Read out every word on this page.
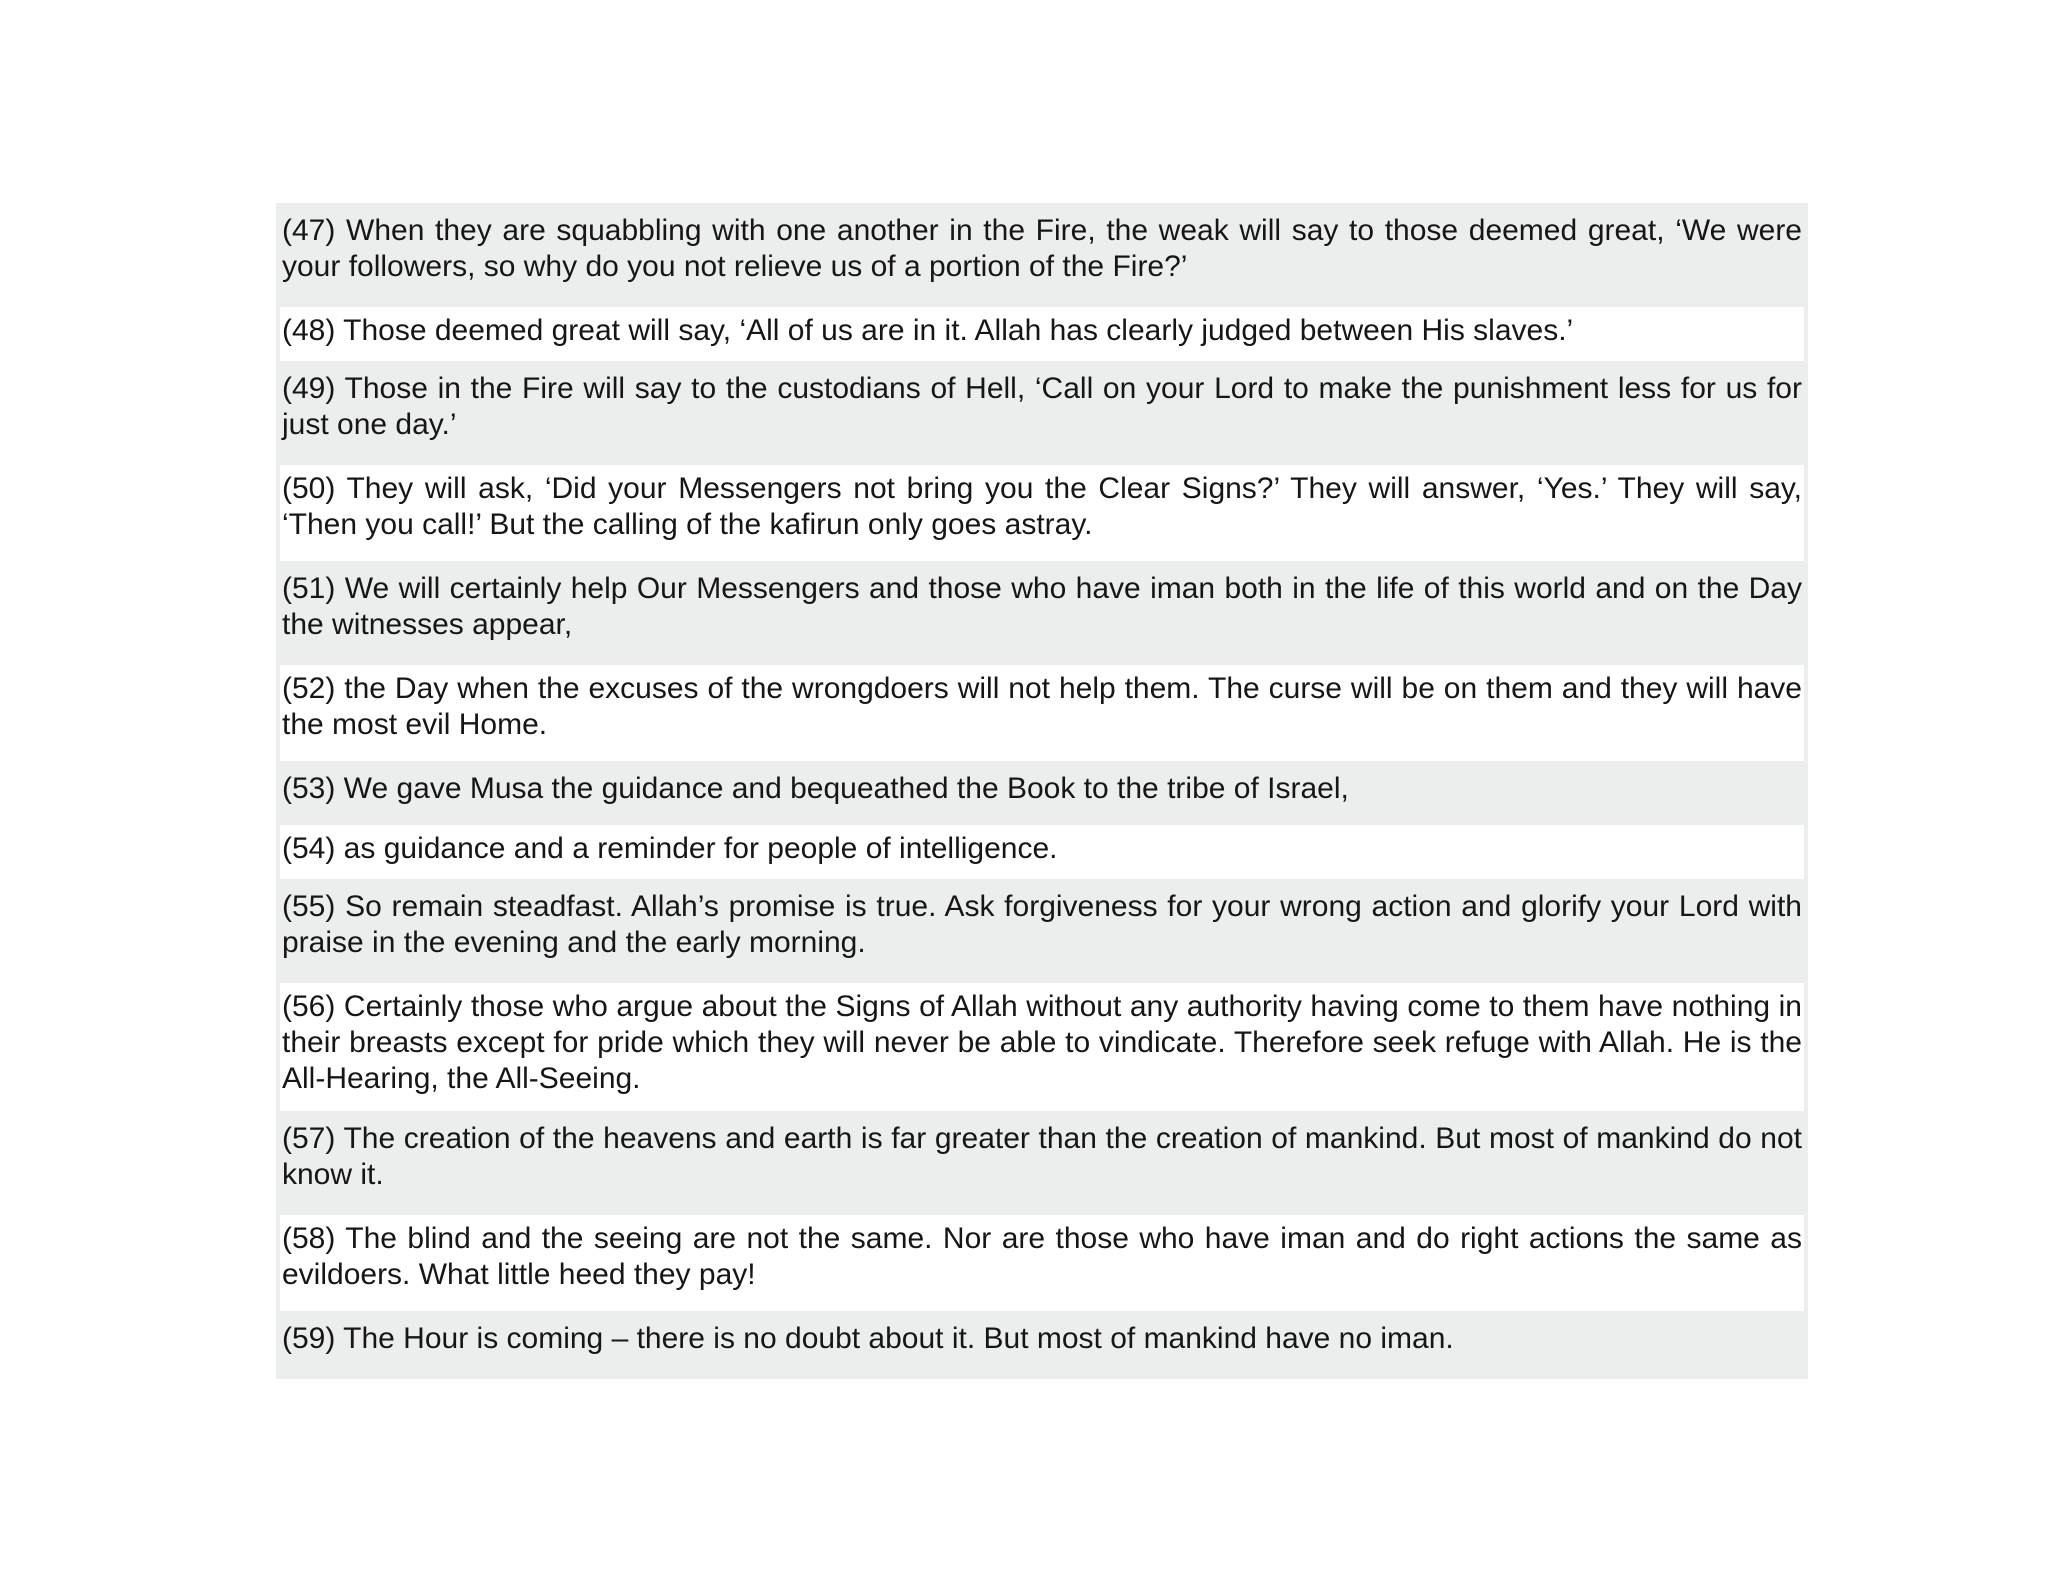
(47) When they are squabbling with one another in the Fire, the weak will say to those deemed great, ‘We were your followers, so why do you not relieve us of a portion of the Fire?’

(48) Those deemed great will say, ‘All of us are in it. Allah has clearly judged between His slaves.’

(49) Those in the Fire will say to the custodians of Hell, ‘Call on your Lord to make the punishment less for us for just one day.’

(50) They will ask, ‘Did your Messengers not bring you the Clear Signs?’ They will answer, ‘Yes.’ They will say, ‘Then you call!’ But the calling of the kafirun only goes astray.

(51) We will certainly help Our Messengers and those who have iman both in the life of this world and on the Day the witnesses appear,

(52) the Day when the excuses of the wrongdoers will not help them. The curse will be on them and they will have the most evil Home.

(53) We gave Musa the guidance and bequeathed the Book to the tribe of Israel,

(54) as guidance and a reminder for people of intelligence.

(55) So remain steadfast. Allah’s promise is true. Ask forgiveness for your wrong action and glorify your Lord with praise in the evening and the early morning.

(56) Certainly those who argue about the Signs of Allah without any authority having come to them have nothing in their breasts except for pride which they will never be able to vindicate. Therefore seek refuge with Allah. He is the All-Hearing, the All-Seeing.

(57) The creation of the heavens and earth is far greater than the creation of mankind. But most of mankind do not know it.

(58) The blind and the seeing are not the same. Nor are those who have iman and do right actions the same as evildoers. What little heed they pay!

(59) The Hour is coming – there is no doubt about it. But most of mankind have no iman.
